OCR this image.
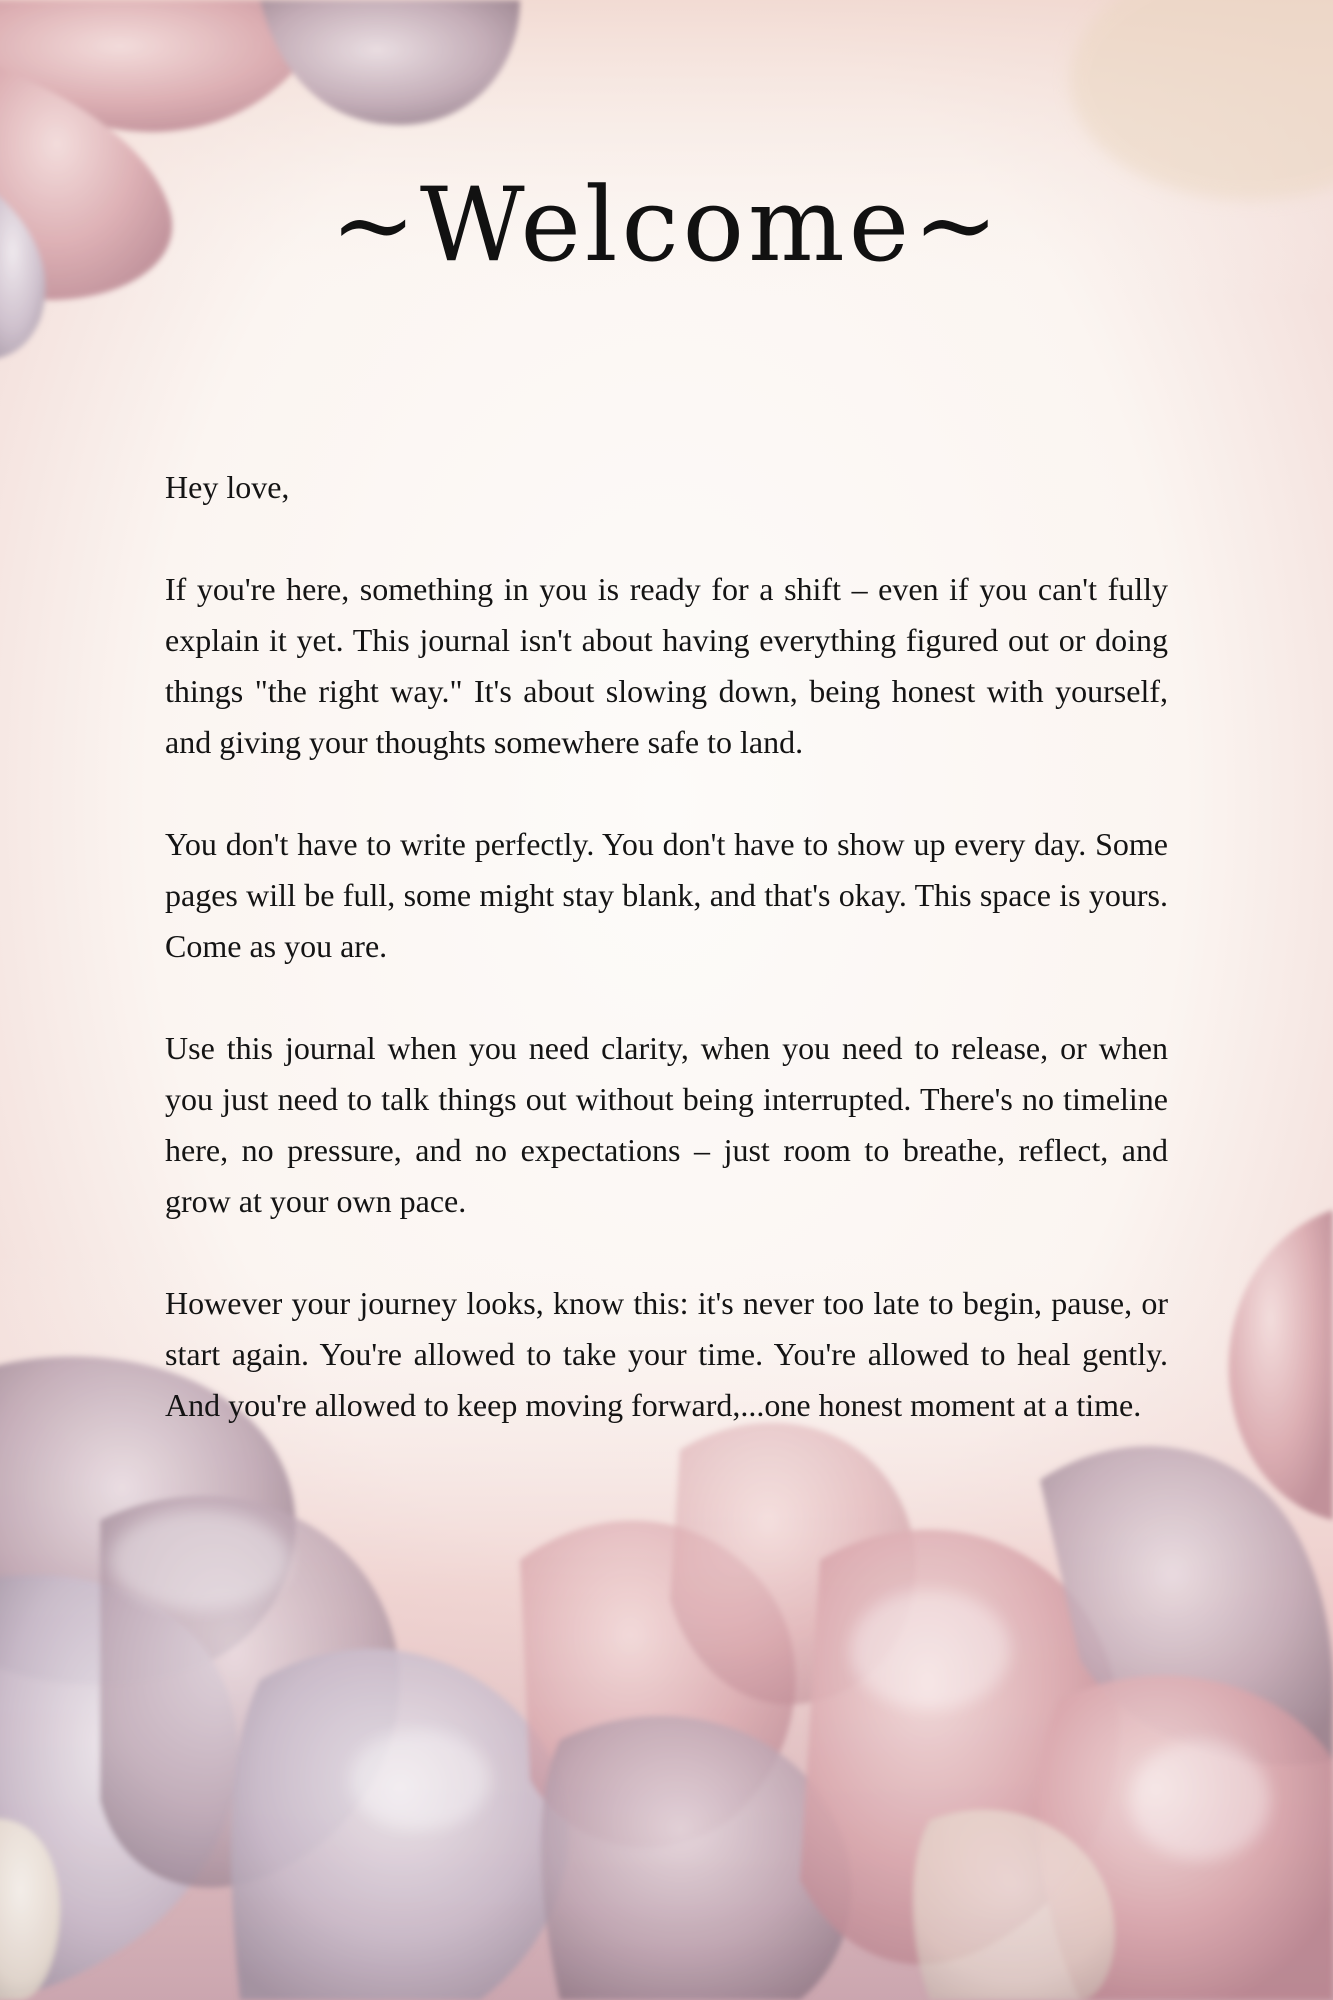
~Welcome~

Hey love,

If you're here, something in you is ready for a shift – even if you can't fully explain it yet. This journal isn't about having everything figured out or doing things "the right way." It's about slowing down, being honest with yourself, and giving your thoughts somewhere safe to land.

You don't have to write perfectly. You don't have to show up every day. Some pages will be full, some might stay blank, and that's okay. This space is yours. Come as you are.

Use this journal when you need clarity, when you need to release, or when you just need to talk things out without being interrupted. There's no timeline here, no pressure, and no expectations – just room to breathe, reflect, and grow at your own pace.

However your journey looks, know this: it's never too late to begin, pause, or start again. You're allowed to take your time. You're allowed to heal gently. And you're allowed to keep moving forward,...one honest moment at a time.
